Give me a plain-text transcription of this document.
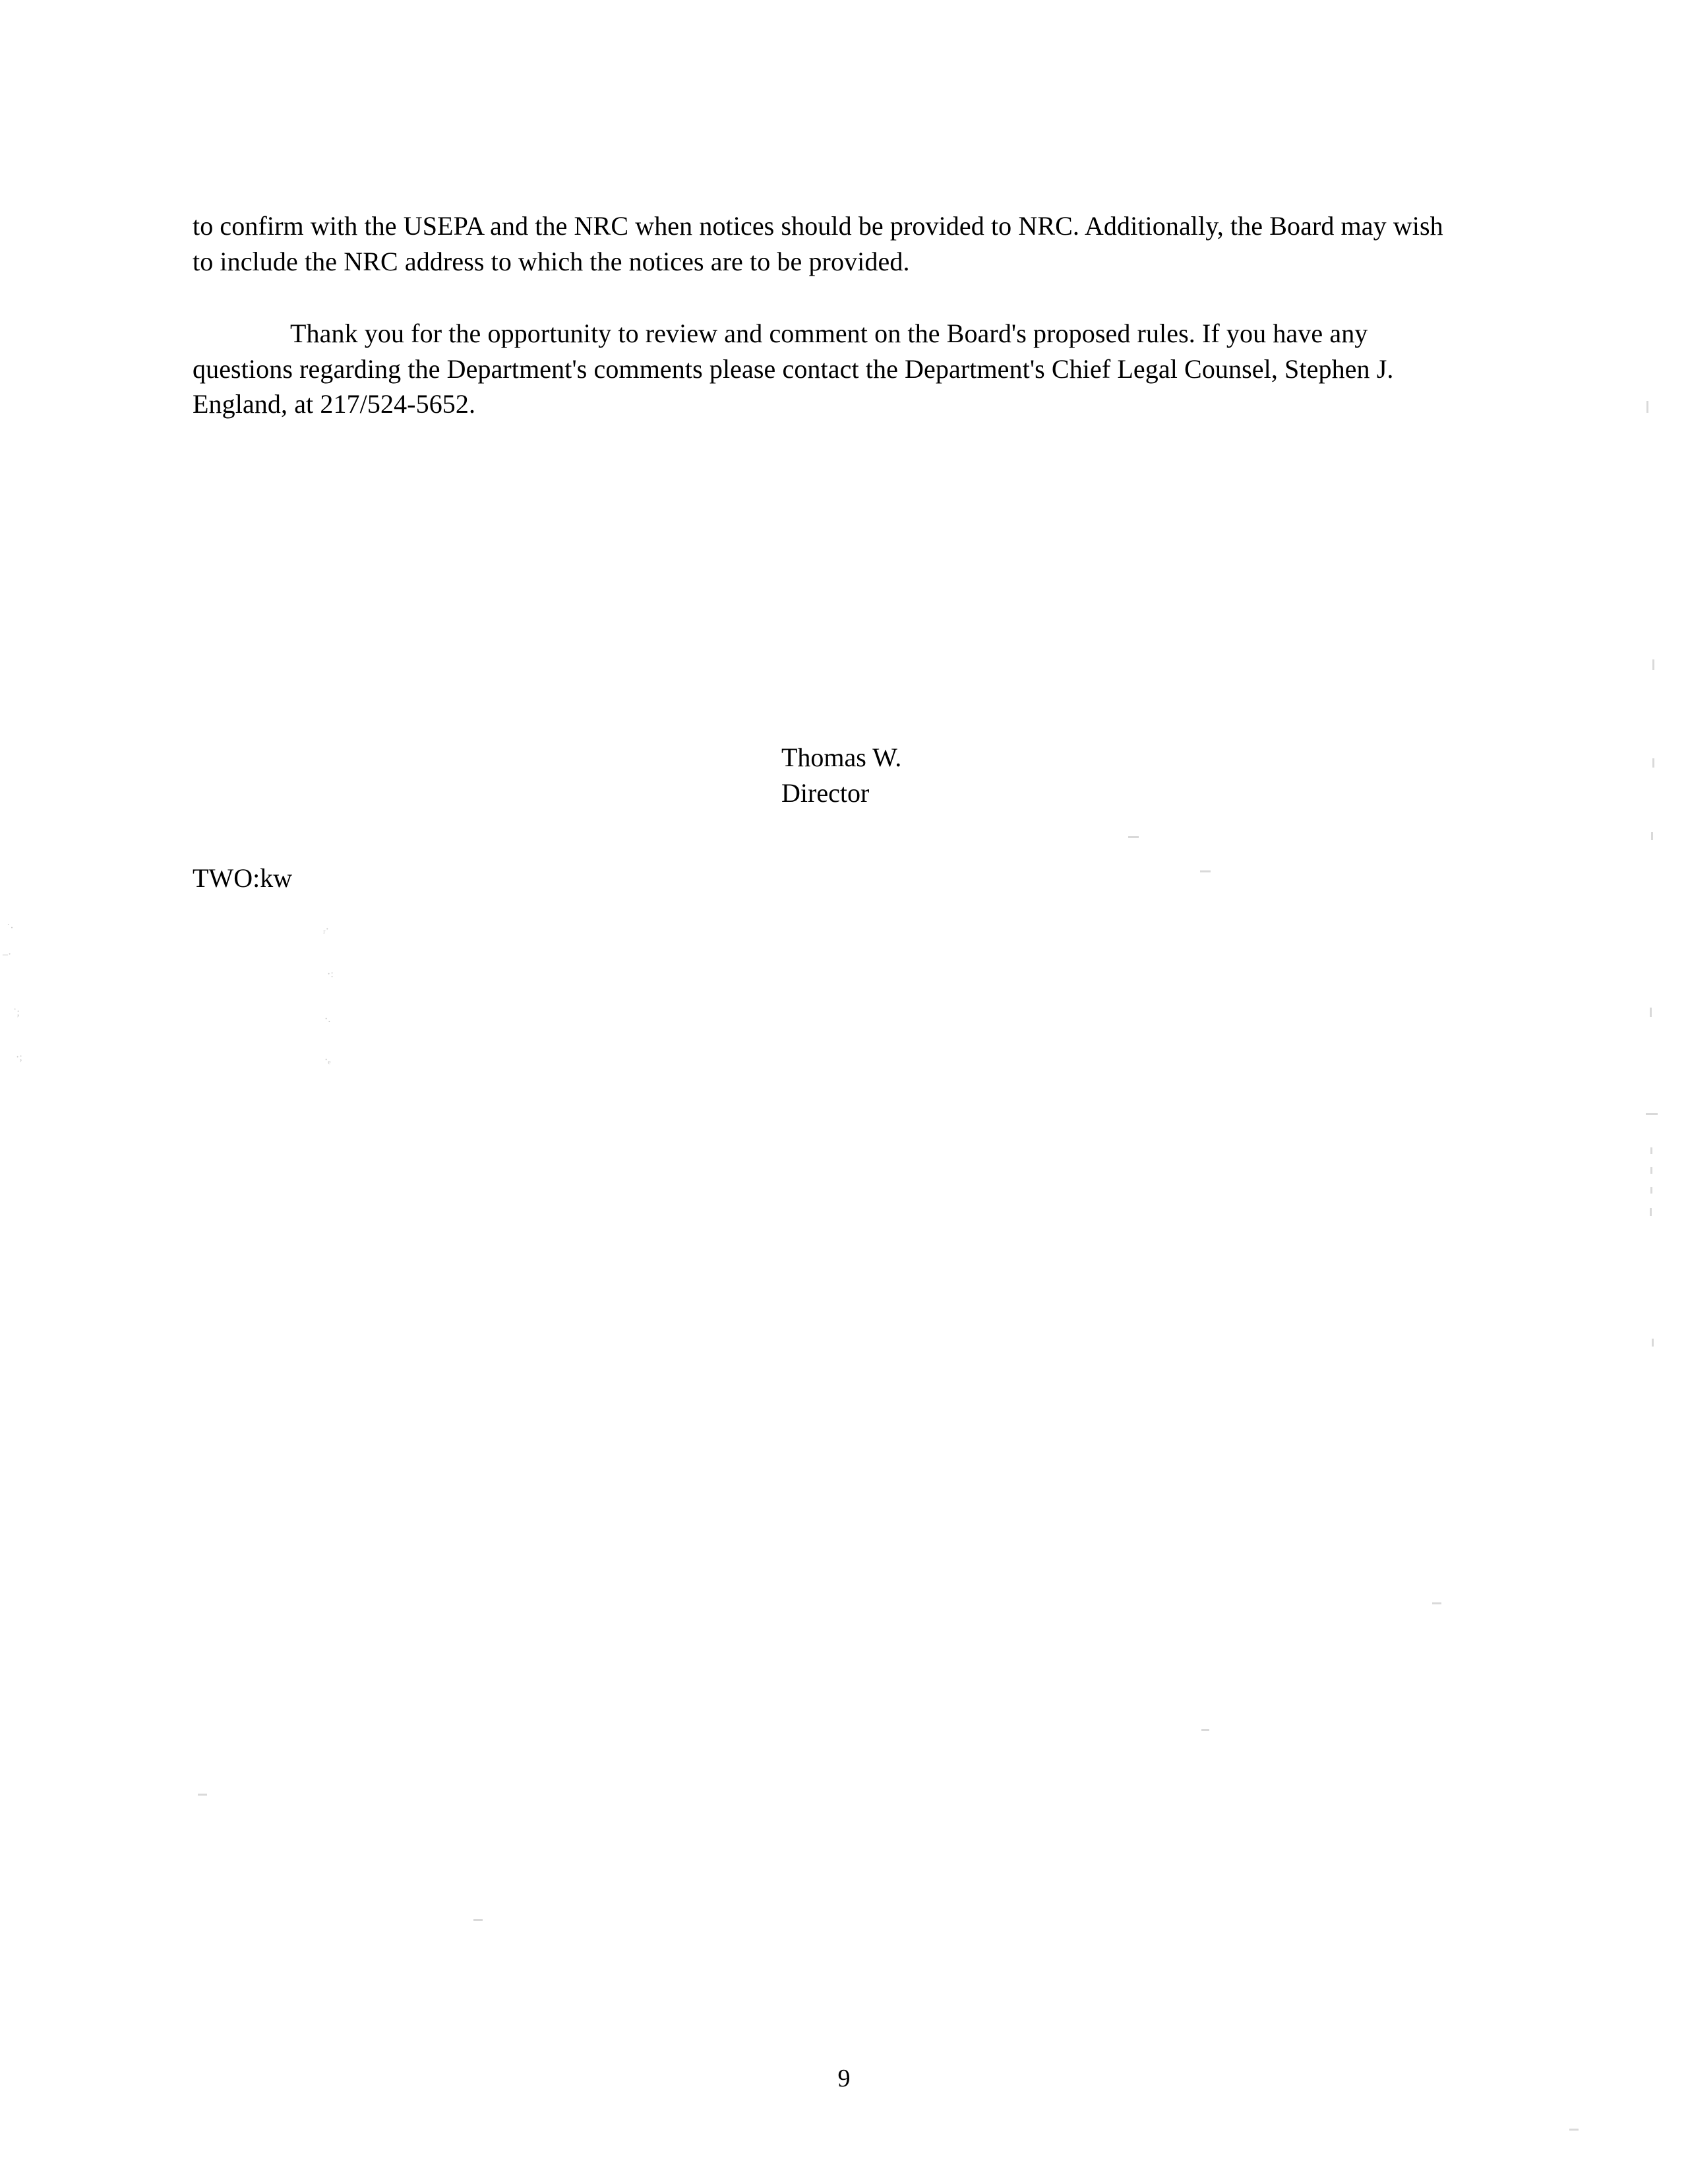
to confirm with the USEPA and the NRC when notices should be provided to NRC. Additionally, the Board may wish to include the NRC address to which the notices are to be provided.

Thank you for the opportunity to review and comment on the Board's proposed rules. If you have any questions regarding the Department's comments please contact the Department's Chief Legal Counsel, Stephen J. England, at 217/524-5652.

Thomas W.
Director
TWO:kw
9
˙·
–·
˙;
·;
ᵣ·
·:
·.
·ₑ
